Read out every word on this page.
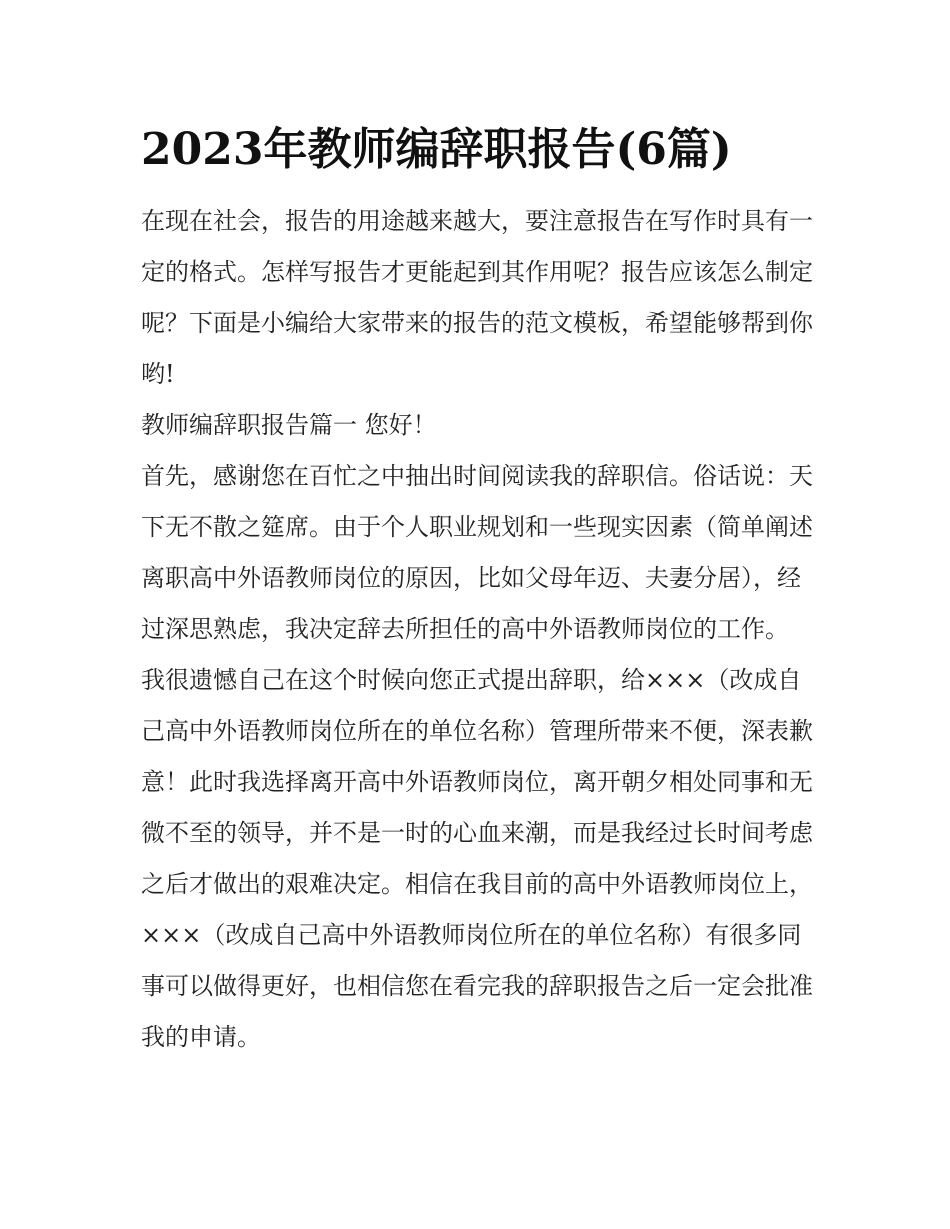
2023年教师编辞职报告(6篇)

在现在社会，报告的用途越来越大，要注意报告在写作时具有一定的格式。怎样写报告才更能起到其作用呢？报告应该怎么制定呢？下面是小编给大家带来的报告的范文模板，希望能够帮到你哟!

教师编辞职报告篇一 您好！

首先，感谢您在百忙之中抽出时间阅读我的辞职信。俗话说：天下无不散之筵席。由于个人职业规划和一些现实因素（简单阐述离职高中外语教师岗位的原因，比如父母年迈、夫妻分居），经过深思熟虑，我决定辞去所担任的高中外语教师岗位的工作。

我很遗憾自己在这个时候向您正式提出辞职，给×××（改成自己高中外语教师岗位所在的单位名称）管理所带来不便，深表歉意！此时我选择离开高中外语教师岗位，离开朝夕相处同事和无微不至的领导，并不是一时的心血来潮，而是我经过长时间考虑之后才做出的艰难决定。相信在我目前的高中外语教师岗位上，×××（改成自己高中外语教师岗位所在的单位名称）有很多同事可以做得更好，也相信您在看完我的辞职报告之后一定会批准我的申请。
